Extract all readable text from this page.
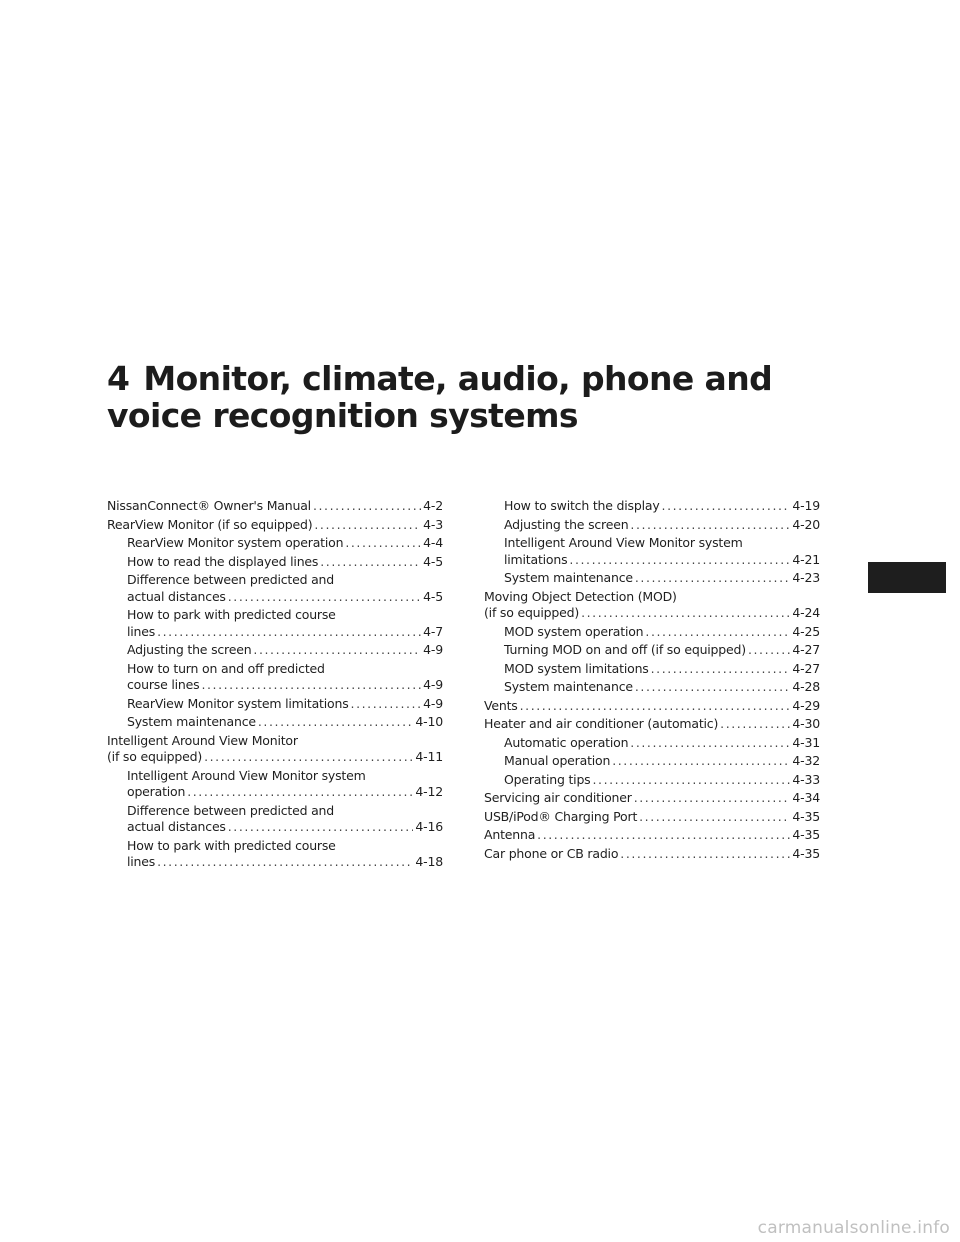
4 Monitor, climate, audio, phone and
voice recognition systems
NissanConnect® Owner's Manual . . .	4-2
RearView Monitor (if so equipped) . . .	4-3
RearView Monitor system operation . . .	4-4
How to read the displayed lines . . .	4-5
Difference between predicted and
actual distances . . .	4-5
How to park with predicted course
lines . . .	4-7
Adjusting the screen . . .	4-9
How to turn on and off predicted
course lines . . .	4-9
RearView Monitor system limitations . . .	4-9
System maintenance . . .	4-10
Intelligent Around View Monitor
(if so equipped) . . .	4-11
Intelligent Around View Monitor system
operation . . .	4-12
Difference between predicted and
actual distances . . .	4-16
How to park with predicted course
lines . . .	4-18
How to switch the display . . .	4-19
Adjusting the screen . . .	4-20
Intelligent Around View Monitor system
limitations . . .	4-21
System maintenance . . .	4-23
Moving Object Detection (MOD)
(if so equipped) . . .	4-24
MOD system operation . . .	4-25
Turning MOD on and off (if so equipped) . . .	4-27
MOD system limitations . . .	4-27
System maintenance . . .	4-28
Vents . . .	4-29
Heater and air conditioner (automatic) . . .	4-30
Automatic operation . . .	4-31
Manual operation . . .	4-32
Operating tips . . .	4-33
Servicing air conditioner . . .	4-34
USB/iPod® Charging Port . . .	4-35
Antenna . . .	4-35
Car phone or CB radio . . .	4-35
carmanualsonline.info
